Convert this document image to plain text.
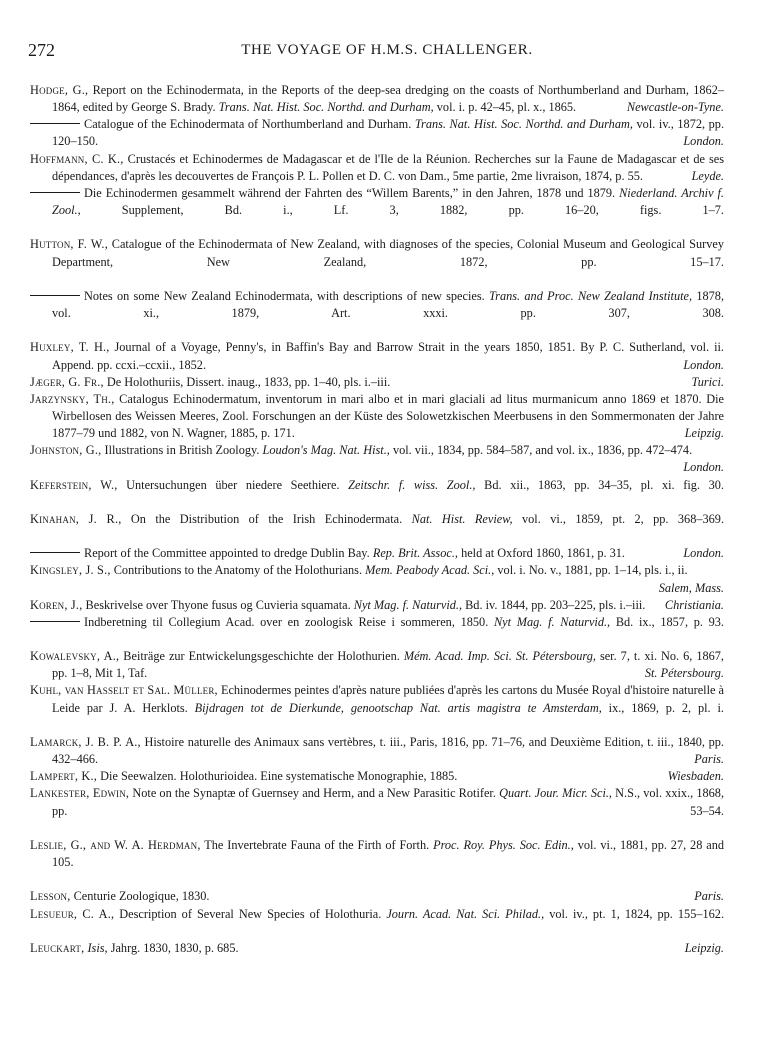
272	THE VOYAGE OF H.M.S. CHALLENGER.
Hodge, G., Report on the Echinodermata, in the Reports of the deep-sea dredging on the coasts of Northumberland and Durham, 1862–1864, edited by George S. Brady. Trans. Nat. Hist. Soc. Northd. and Durham, vol. i. p. 42–45, pl. x., 1865.	Newcastle-on-Tyne.
Catalogue of the Echinodermata of Northumberland and Durham. Trans. Nat. Hist. Soc. Northd. and Durham, vol. iv., 1872, pp. 120–150.	London.
Hoffmann, C. K., Crustacés et Echinodermes de Madagascar et de l'Ile de la Réunion. Recherches sur la Faune de Madagascar et de ses dépendances, d'après les decouvertes de François P. L. Pollen et D. C. von Dam., 5me partie, 2me livraison, 1874, p. 55.	Leyde.
Die Echinodermen gesammelt während der Fahrten des “Willem Barents,” in den Jahren, 1878 und 1879. Niederland. Archiv f. Zool.,	Supplement, Bd. i., Lf. 3, 1882, pp. 16–20, figs. 1–7.
Hutton, F. W., Catalogue of the Echinodermata of New Zealand, with diagnoses of the species, Colonial Museum and Geological Survey Department, New Zealand, 1872, pp. 15–17.
Notes on some New Zealand Echinodermata, with descriptions of new species. Trans. and Proc. New Zealand Institute, 1878, vol. xi., 1879, Art. xxxi. pp. 307, 308.
Huxley, T. H., Journal of a Voyage, Penny's, in Baffin's Bay and Barrow Strait in the years 1850, 1851. By P. C. Sutherland, vol. ii. Append. pp. ccxi.–ccxii., 1852.	London.
Jæger, G. Fr., De Holothuriis, Dissert. inaug., 1833, pp. 1–40, pls. i.–iii.	Turici.
Jarzynsky, Th., Catalogus Echinodermatum, inventorum in mari albo et in mari glaciali ad litus murmanicum anno 1869 et 1870. Die Wirbellosen des Weissen Meeres, Zool. Forschungen an der Küste des Solowetzkischen Meerbusens in den Sommermonaten der Jahre 1877–79 und 1882, von N. Wagner, 1885, p. 171.	Leipzig.
Johnston, G., Illustrations in British Zoology. Loudon's Mag. Nat. Hist., vol. vii., 1834, pp. 584–587, and vol. ix., 1836, pp. 472–474.
London.
Keferstein, W., Untersuchungen über niedere Seethiere. Zeitschr. f. wiss. Zool., Bd. xii., 1863, pp. 34–35, pl. xi. fig. 30.
Kinahan, J. R., On the Distribution of the Irish Echinodermata. Nat. Hist. Review, vol. vi., 1859, pt. 2, pp. 368–369.
Report of the Committee appointed to dredge Dublin Bay. Rep. Brit. Assoc., held at Oxford 1860, 1861, p. 31.	London.
Kingsley, J. S., Contributions to the Anatomy of the Holothurians. Mem. Peabody Acad. Sci., vol. i. No. v., 1881, pp. 1–14, pls. i., ii.
Salem, Mass.
Koren, J., Beskrivelse over Thyone fusus og Cuvieria squamata. Nyt Mag. f. Naturvid., Bd. iv. 1844, pp. 203–225, pls. i.–iii. Christiania.
Indberetning til Collegium Acad. over en zoologisk Reise i sommeren, 1850. Nyt Mag. f. Naturvid., Bd. ix., 1857, p. 93.
Kowalevsky, A., Beiträge zur Entwickelungsgeschichte der Holothurien. Mém. Acad. Imp. Sci. St. Pétersbourg, ser. 7, t. xi. No. 6, 1867, pp. 1–8, Mit 1, Taf.	St. Pétersbourg.
Kuhl, van Hasselt et Sal. Müller, Echinodermes peintes d'après nature publiées d'après les cartons du Musée Royal d'histoire naturelle à Leide par J. A. Herklots. Bijdragen tot de Dierkunde, genootschap Nat. artis magistra te Amsterdam, ix., 1869, p. 2, pl. i.
Lamarck, J. B. P. A., Histoire naturelle des Animaux sans vertèbres, t. iii., Paris, 1816, pp. 71–76, and Deuxième Edition, t. iii., 1840, pp. 432–466.	Paris.
Lampert, K., Die Seewalzen. Holothurioidea. Eine systematische Monographie, 1885.	Wiesbaden.
Lankester, Edwin, Note on the Synaptæ of Guernsey and Herm, and a New Parasitic Rotifer. Quart. Jour. Micr. Sci., N.S., vol. xxix., 1868, pp. 53–54.
Leslie, G., and W. A. Herdman, The Invertebrate Fauna of the Firth of Forth. Proc. Roy. Phys. Soc. Edin., vol. vi., 1881, pp. 27, 28 and 105.
Lesson, Centurie Zoologique, 1830.	Paris.
Lesueur, C. A., Description of Several New Species of Holothuria. Journ. Acad. Nat. Sci. Philad., vol. iv., pt. 1, 1824, pp. 155–162.
Leuckart, Isis, Jahrg. 1830, 1830, p. 685.	Leipzig.
